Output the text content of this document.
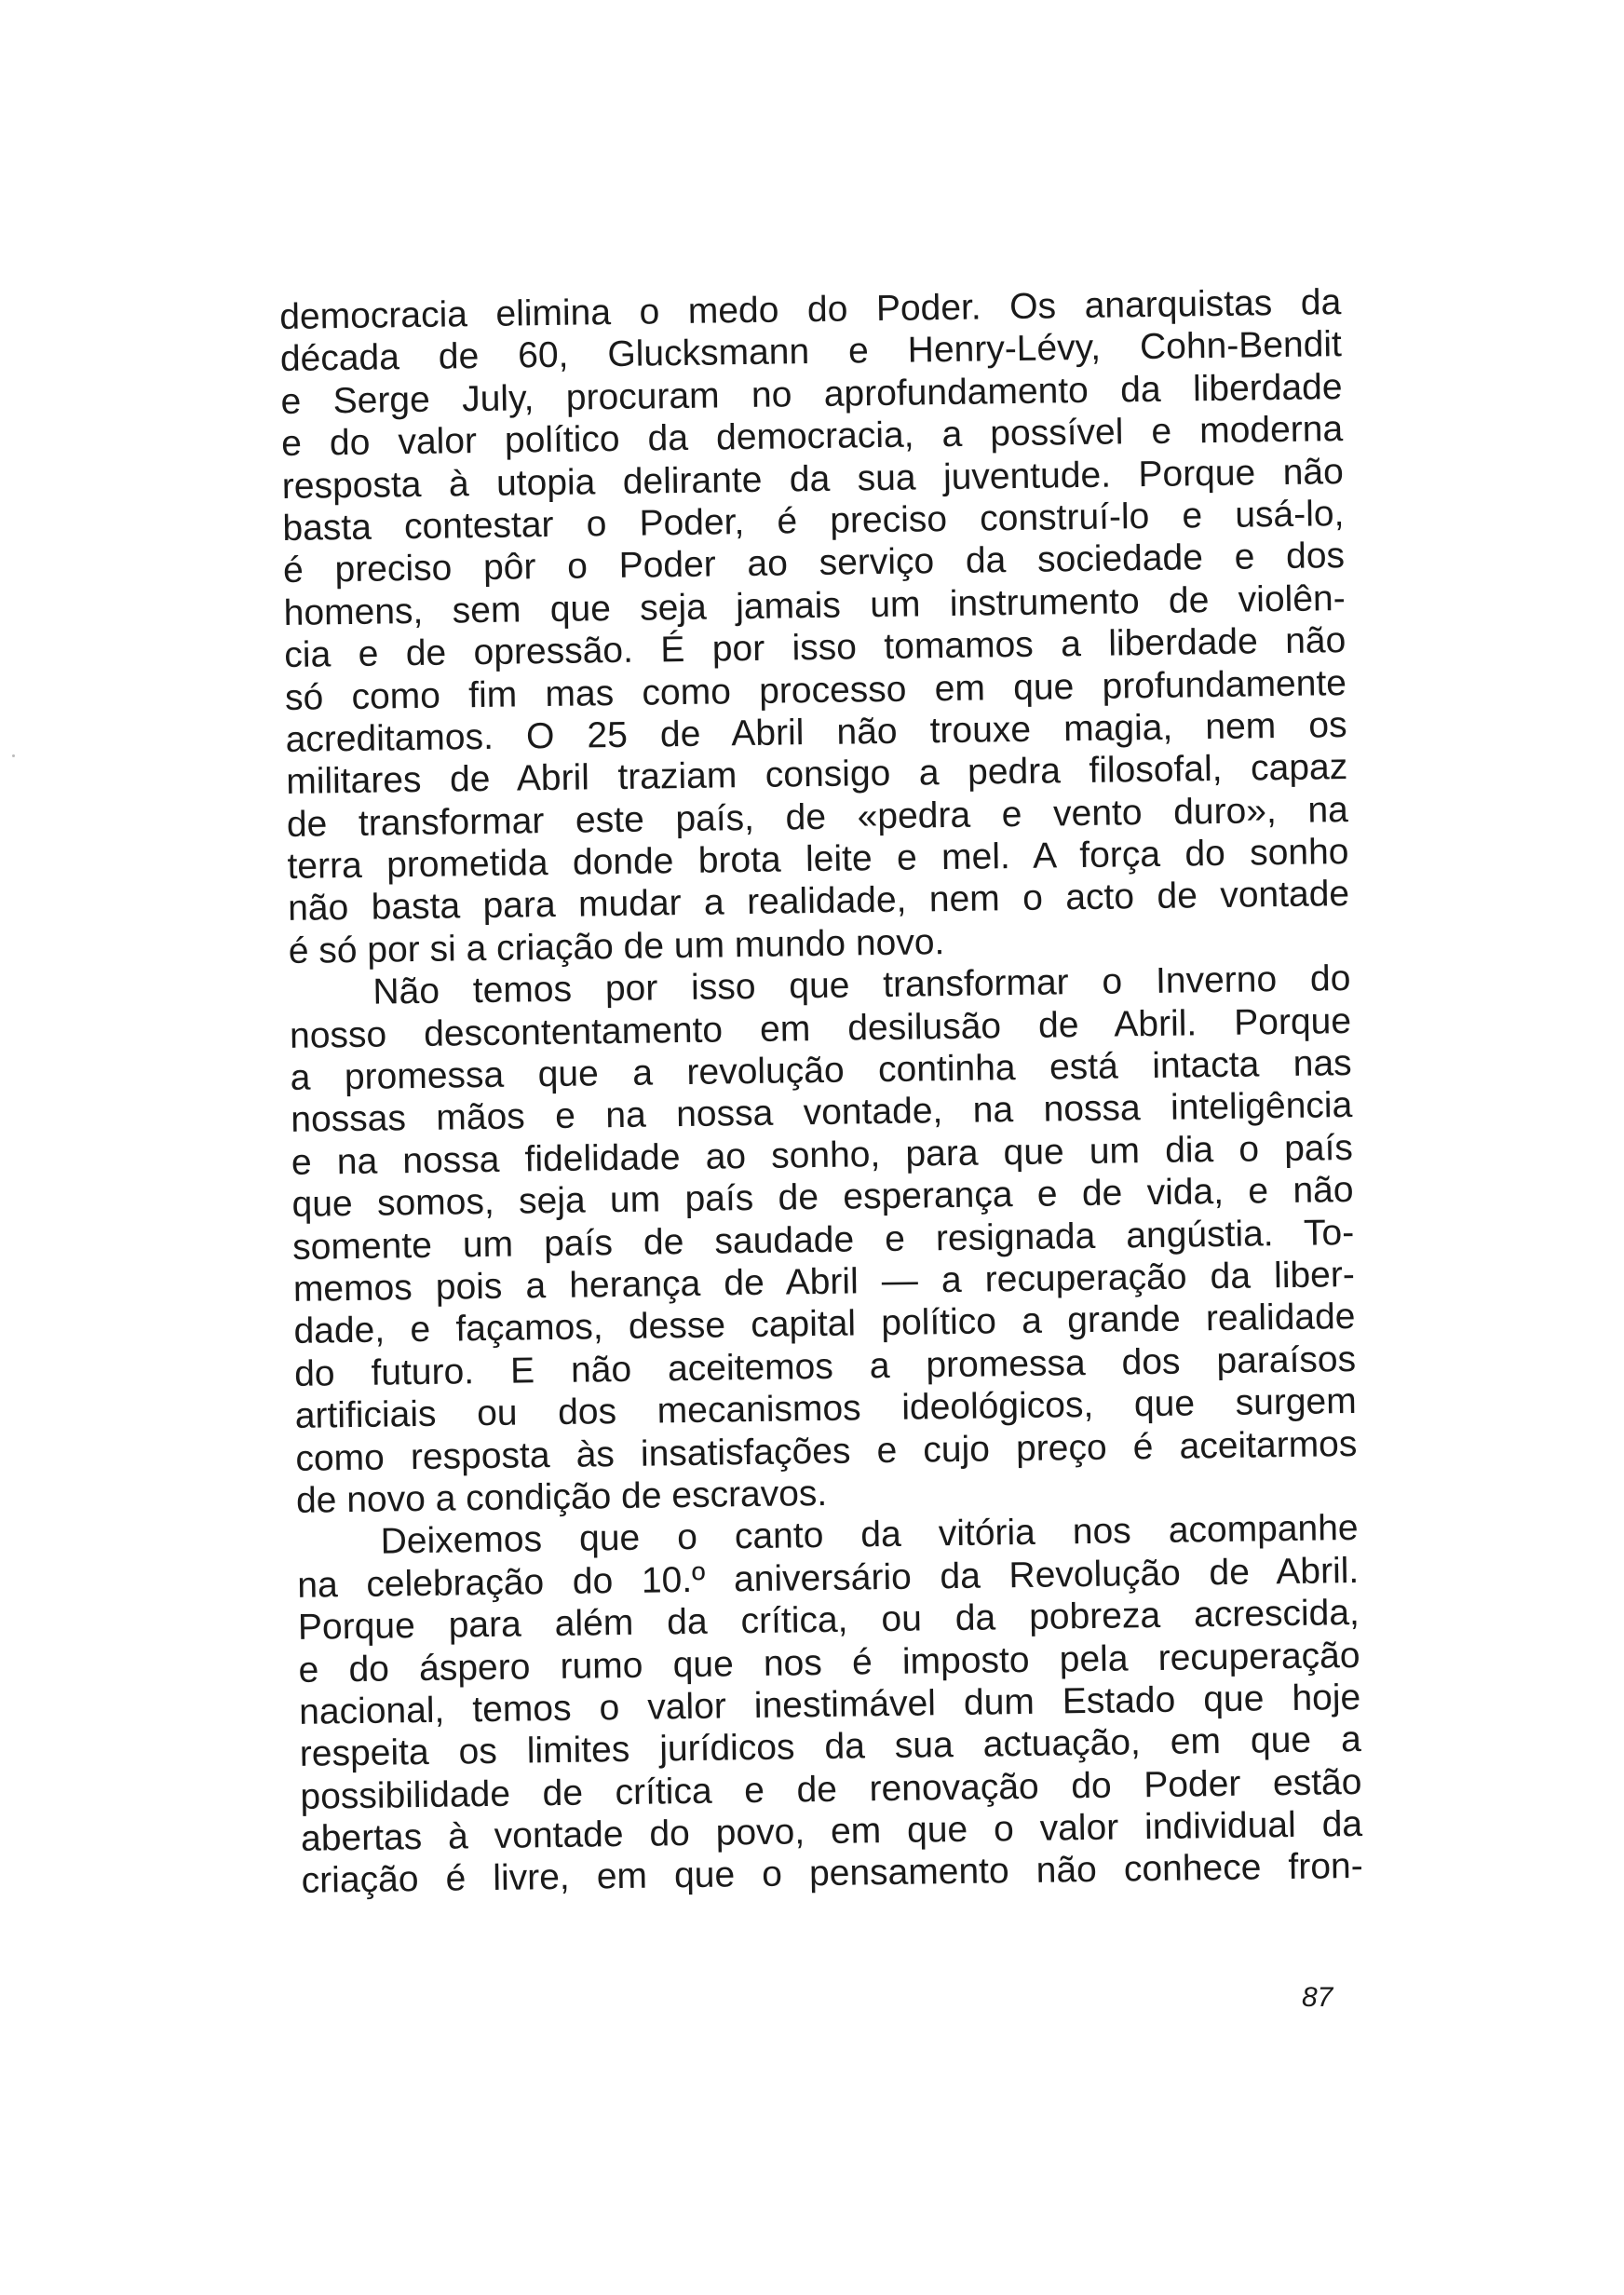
democracia elimina o medo do Poder. Os anarquistas da
década de 60, Glucksmann e Henry-Lévy, Cohn-Bendit
e Serge July, procuram no aprofundamento da liberdade
e do valor político da democracia, a possível e moderna
resposta à utopia delirante da sua juventude. Porque não
basta contestar o Poder, é preciso construí-lo e usá-lo,
é preciso pôr o Poder ao serviço da sociedade e dos
homens, sem que seja jamais um instrumento de violên-
cia e de opressão. É por isso tomamos a liberdade não
só como fim mas como processo em que profundamente
acreditamos. O 25 de Abril não trouxe magia, nem os
militares de Abril traziam consigo a pedra filosofal, capaz
de transformar este país, de «pedra e vento duro», na
terra prometida donde brota leite e mel. A força do sonho
não basta para mudar a realidade, nem o acto de vontade
é só por si a criação de um mundo novo.
Não temos por isso que transformar o Inverno do
nosso descontentamento em desilusão de Abril. Porque
a promessa que a revolução continha está intacta nas
nossas mãos e na nossa vontade, na nossa inteligência
e na nossa fidelidade ao sonho, para que um dia o país
que somos, seja um país de esperança e de vida, e não
somente um país de saudade e resignada angústia. To-
memos pois a herança de Abril — a recuperação da liber-
dade, e façamos, desse capital político a grande realidade
do futuro. E não aceitemos a promessa dos paraísos
artificiais ou dos mecanismos ideológicos, que surgem
como resposta às insatisfações e cujo preço é aceitarmos
de novo a condição de escravos.
Deixemos que o canto da vitória nos acompanhe
na celebração do 10.º aniversário da Revolução de Abril.
Porque para além da crítica, ou da pobreza acrescida,
e do áspero rumo que nos é imposto pela recuperação
nacional, temos o valor inestimável dum Estado que hoje
respeita os limites jurídicos da sua actuação, em que a
possibilidade de crítica e de renovação do Poder estão
abertas à vontade do povo, em que o valor individual da
criação é livre, em que o pensamento não conhece fron-
87
